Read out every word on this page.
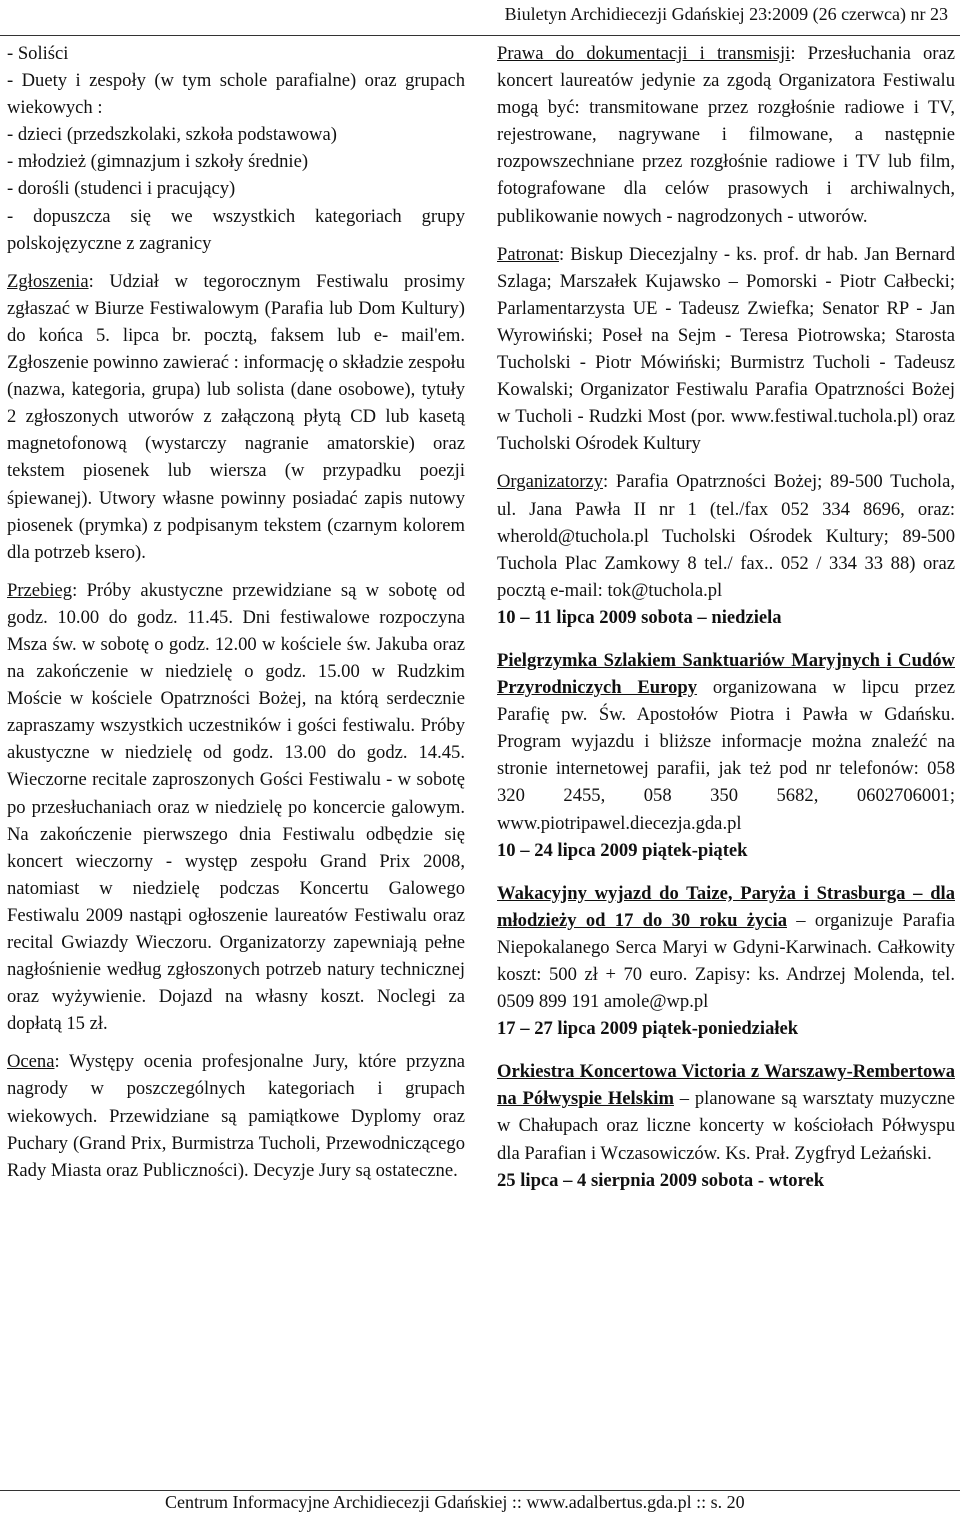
Biuletyn Archidiecezji Gdańskiej 23:2009 (26 czerwca) nr 23

- Soliści

- Duety i zespoły (w tym schole parafialne) oraz grupach wiekowych :

- dzieci (przedszkolaki, szkoła podstawowa)

- młodzież (gimnazjum i szkoły średnie)

- dorośli (studenci i pracujący)

- dopuszcza się we wszystkich kategoriach grupy polskojęzyczne z zagranicy

Zgłoszenia: Udział w tegorocznym Festiwalu prosimy zgłaszać w Biurze Festiwalowym (Parafia lub Dom Kultury) do końca 5. lipca br. pocztą, faksem lub e- mail'em. Zgłoszenie powinno zawierać : informację o składzie zespołu (nazwa, kategoria, grupa) lub solista (dane osobowe), tytuły 2 zgłoszonych utworów z załączoną płytą CD lub kasetą magnetofonową (wystarczy nagranie amatorskie) oraz tekstem piosenek lub wiersza (w przypadku poezji śpiewanej). Utwory własne powinny posiadać zapis nutowy piosenek (prymka) z podpisanym tekstem (czarnym kolorem dla potrzeb ksero).

Przebieg: Próby akustyczne przewidziane są w sobotę od godz. 10.00 do godz. 11.45. Dni festiwalowe rozpoczyna Msza św. w sobotę o godz. 12.00 w kościele św. Jakuba oraz na zakończenie w niedzielę o godz. 15.00 w Rudzkim Moście w kościele Opatrzności Bożej, na którą serdecznie zapraszamy wszystkich uczestników i gości festiwalu. Próby akustyczne w niedzielę od godz. 13.00 do godz. 14.45. Wieczorne recitale zaproszonych Gości Festiwalu - w sobotę po przesłuchaniach oraz w niedzielę po koncercie galowym. Na zakończenie pierwszego dnia Festiwalu odbędzie się koncert wieczorny - występ zespołu Grand Prix 2008, natomiast w niedzielę podczas Koncertu Galowego Festiwalu 2009 nastąpi ogłoszenie laureatów Festiwalu oraz recital Gwiazdy Wieczoru. Organizatorzy zapewniają pełne nagłośnienie według zgłoszonych potrzeb natury technicznej oraz wyżywienie. Dojazd na własny koszt. Noclegi za dopłatą 15 zł.

Ocena: Występy ocenia profesjonalne Jury, które przyzna nagrody w poszczególnych kategoriach i grupach wiekowych. Przewidziane są pamiątkowe Dyplomy oraz Puchary (Grand Prix, Burmistrza Tucholi, Przewodniczącego Rady Miasta oraz Publiczności). Decyzje Jury są ostateczne.

Prawa do dokumentacji i transmisji: Przesłuchania oraz koncert laureatów jedynie za zgodą Organizatora Festiwalu mogą być: transmitowane przez rozgłośnie radiowe i TV, rejestrowane, nagrywane i filmowane, a następnie rozpowszechniane przez rozgłośnie radiowe i TV lub film, fotografowane dla celów prasowych i archiwalnych, publikowanie nowych - nagrodzonych - utworów.

Patronat: Biskup Diecezjalny - ks. prof. dr hab. Jan Bernard Szlaga; Marszałek Kujawsko – Pomorski - Piotr Całbecki; Parlamentarzysta UE - Tadeusz Zwiefka; Senator RP - Jan Wyrowiński; Poseł na Sejm - Teresa Piotrowska; Starosta Tucholski - Piotr Mówiński; Burmistrz Tucholi - Tadeusz Kowalski; Organizator Festiwalu Parafia Opatrzności Bożej w Tucholi - Rudzki Most (por. www.festiwal.tuchola.pl) oraz Tucholski Ośrodek Kultury

Organizatorzy: Parafia Opatrzności Bożej; 89-500 Tuchola, ul. Jana Pawła II nr 1 (tel./fax 052 334 8696, oraz: wherold@tuchola.pl Tucholski Ośrodek Kultury; 89-500 Tuchola Plac Zamkowy 8 tel./ fax.. 052 / 334 33 88) oraz pocztą e-mail: tok@tuchola.pl

10 – 11 lipca 2009 sobota – niedziela

Pielgrzymka Szlakiem Sanktuariów Maryjnych i Cudów Przyrodniczych Europy organizowana w lipcu przez Parafię pw. Św. Apostołów Piotra i Pawła w Gdańsku. Program wyjazdu i bliższe informacje można znaleźć na stronie internetowej parafii, jak też pod nr telefonów: 058 320 2455, 058 350 5682, 0602706001; www.piotripawel.diecezja.gda.pl

10 – 24 lipca 2009 piątek-piątek

Wakacyjny wyjazd do Taize, Paryża i Strasburga – dla młodzieży od 17 do 30 roku życia – organizuje Parafia Niepokalanego Serca Maryi w Gdyni-Karwinach. Całkowity koszt: 500 zł + 70 euro. Zapisy: ks. Andrzej Molenda, tel. 0509 899 191 amole@wp.pl

17 – 27 lipca 2009 piątek-poniedziałek

Orkiestra Koncertowa Victoria z Warszawy-Rembertowa na Półwyspie Helskim – planowane są warsztaty muzyczne w Chałupach oraz liczne koncerty w kościołach Półwyspu dla Parafian i Wczasowiczów. Ks. Prał. Zygfryd Leżański.

25 lipca – 4 sierpnia 2009 sobota - wtorek

Centrum Informacyjne Archidiecezji Gdańskiej :: www.adalbertus.gda.pl :: s. 20
